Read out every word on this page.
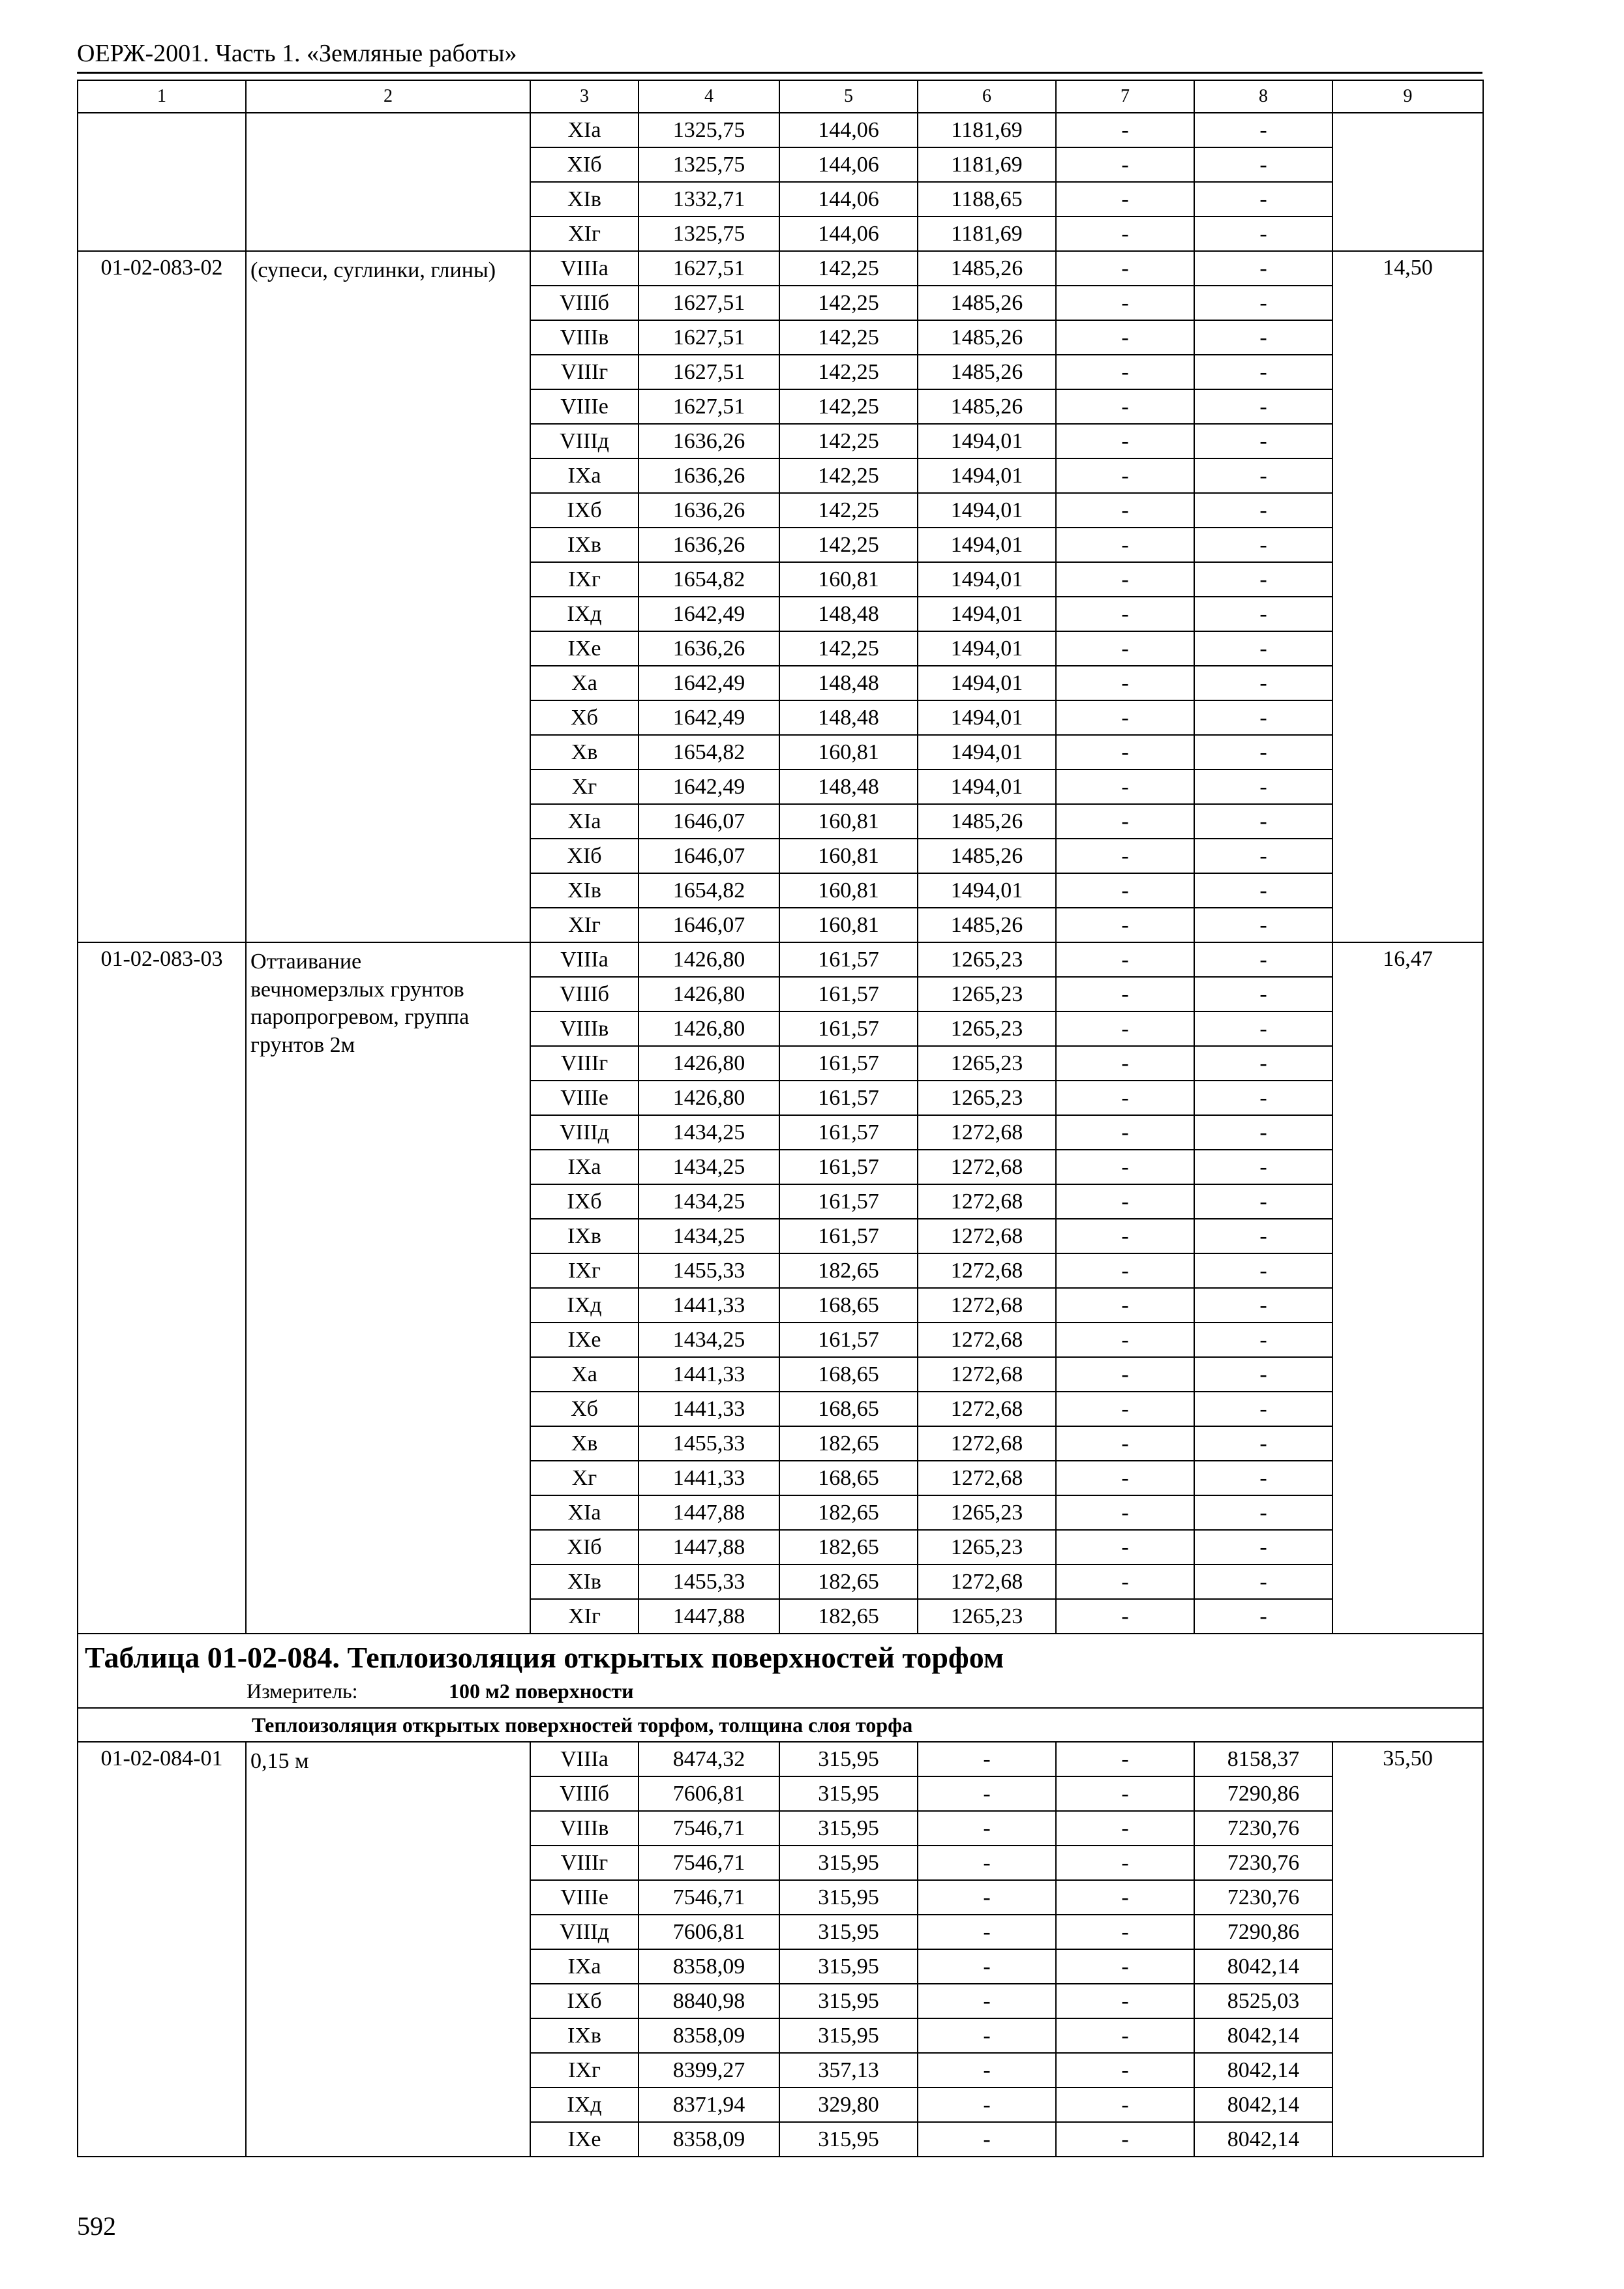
ОЕРЖ-2001. Часть 1. «Земляные работы»
1	2	3	4	5	6	7	8	9
		XIа	1325,75	144,06	1181,69	-	-	
		XIб	1325,75	144,06	1181,69	-	-	
		XIв	1332,71	144,06	1188,65	-	-	
		XIг	1325,75	144,06	1181,69	-	-	
01-02-083-02	(супеси, суглинки, глины)	VIIIа	1627,51	142,25	1485,26	-	-	14,50
		VIIIб	1627,51	142,25	1485,26	-	-	
		VIIIв	1627,51	142,25	1485,26	-	-	
		VIIIг	1627,51	142,25	1485,26	-	-	
		VIIIе	1627,51	142,25	1485,26	-	-	
		VIIIд	1636,26	142,25	1494,01	-	-	
		IXа	1636,26	142,25	1494,01	-	-	
		IXб	1636,26	142,25	1494,01	-	-	
		IXв	1636,26	142,25	1494,01	-	-	
		IXг	1654,82	160,81	1494,01	-	-	
		IXд	1642,49	148,48	1494,01	-	-	
		IXе	1636,26	142,25	1494,01	-	-	
		Xа	1642,49	148,48	1494,01	-	-	
		Xб	1642,49	148,48	1494,01	-	-	
		Xв	1654,82	160,81	1494,01	-	-	
		Xг	1642,49	148,48	1494,01	-	-	
		XIа	1646,07	160,81	1485,26	-	-	
		XIб	1646,07	160,81	1485,26	-	-	
		XIв	1654,82	160,81	1494,01	-	-	
		XIг	1646,07	160,81	1485,26	-	-	
01-02-083-03	Оттаивание
вечномерзлых грунтов
паропрогревом, группа
грунтов 2м	VIIIа	1426,80	161,57	1265,23	-	-	16,47
		VIIIб	1426,80	161,57	1265,23	-	-	
		VIIIв	1426,80	161,57	1265,23	-	-	
		VIIIг	1426,80	161,57	1265,23	-	-	
		VIIIе	1426,80	161,57	1265,23	-	-	
		VIIIд	1434,25	161,57	1272,68	-	-	
		IXа	1434,25	161,57	1272,68	-	-	
		IXб	1434,25	161,57	1272,68	-	-	
		IXв	1434,25	161,57	1272,68	-	-	
		IXг	1455,33	182,65	1272,68	-	-	
		IXд	1441,33	168,65	1272,68	-	-	
		IXе	1434,25	161,57	1272,68	-	-	
		Xа	1441,33	168,65	1272,68	-	-	
		Xб	1441,33	168,65	1272,68	-	-	
		Xв	1455,33	182,65	1272,68	-	-	
		Xг	1441,33	168,65	1272,68	-	-	
		XIа	1447,88	182,65	1265,23	-	-	
		XIб	1447,88	182,65	1265,23	-	-	
		XIв	1455,33	182,65	1272,68	-	-	
		XIг	1447,88	182,65	1265,23	-	-	

Таблица 01-02-084. Теплоизоляция открытых поверхностей торфом
Измеритель: 100 м2 поверхности								

Теплоизоляция открытых поверхностей торфом, толщина слоя торфа								
01-02-084-01	0,15 м	VIIIа	8474,32	315,95	-	-	8158,37	35,50
		VIIIб	7606,81	315,95	-	-	7290,86	
		VIIIв	7546,71	315,95	-	-	7230,76	
		VIIIг	7546,71	315,95	-	-	7230,76	
		VIIIе	7546,71	315,95	-	-	7230,76	
		VIIIд	7606,81	315,95	-	-	7290,86	
		IXа	8358,09	315,95	-	-	8042,14	
		IXб	8840,98	315,95	-	-	8525,03	
		IXв	8358,09	315,95	-	-	8042,14	
		IXг	8399,27	357,13	-	-	8042,14	
		IXд	8371,94	329,80	-	-	8042,14	
		IXе	8358,09	315,95	-	-	8042,14	
592
